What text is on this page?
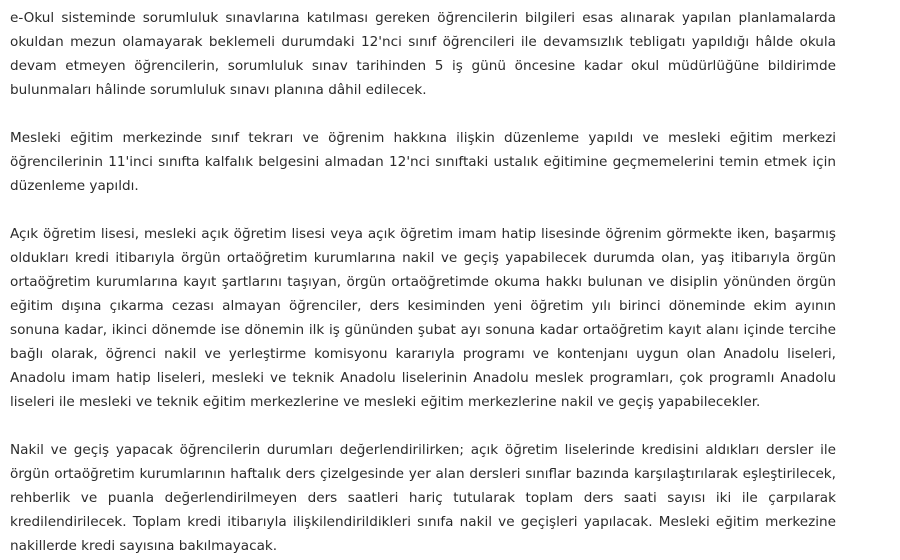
e-Okul sisteminde sorumluluk sınavlarına katılması gereken öğrencilerin bilgileri esas alınarak yapılan planlamalarda okuldan mezun olamayarak beklemeli durumdaki 12'nci sınıf öğrencileri ile devamsızlık tebligatı yapıldığı hâlde okula devam etmeyen öğrencilerin, sorumluluk sınav tarihinden 5 iş günü öncesine kadar okul müdürlüğüne bildirimde bulunmaları hâlinde sorumluluk sınavı planına dâhil edilecek.

Mesleki eğitim merkezinde sınıf tekrarı ve öğrenim hakkına ilişkin düzenleme yapıldı ve mesleki eğitim merkezi öğrencilerinin 11'inci sınıfta kalfalık belgesini almadan 12'nci sınıftaki ustalık eğitimine geçmemelerini temin etmek için düzenleme yapıldı.

Açık öğretim lisesi, mesleki açık öğretim lisesi veya açık öğretim imam hatip lisesinde öğrenim görmekte iken, başarmış oldukları kredi itibarıyla örgün ortaöğretim kurumlarına nakil ve geçiş yapabilecek durumda olan, yaş itibarıyla örgün ortaöğretim kurumlarına kayıt şartlarını taşıyan, örgün ortaöğretimde okuma hakkı bulunan ve disiplin yönünden örgün eğitim dışına çıkarma cezası almayan öğrenciler, ders kesiminden yeni öğretim yılı birinci döneminde ekim ayının sonuna kadar, ikinci dönemde ise dönemin ilk iş gününden şubat ayı sonuna kadar ortaöğretim kayıt alanı içinde tercihe bağlı olarak, öğrenci nakil ve yerleştirme komisyonu kararıyla programı ve kontenjanı uygun olan Anadolu liseleri, Anadolu imam hatip liseleri, mesleki ve teknik Anadolu liselerinin Anadolu meslek programları, çok programlı Anadolu liseleri ile mesleki ve teknik eğitim merkezlerine ve mesleki eğitim merkezlerine nakil ve geçiş yapabilecekler.

Nakil ve geçiş yapacak öğrencilerin durumları değerlendirilirken; açık öğretim liselerinde kredisini aldıkları dersler ile örgün ortaöğretim kurumlarının haftalık ders çizelgesinde yer alan dersleri sınıflar bazında karşılaştırılarak eşleştirilecek, rehberlik ve puanla değerlendirilmeyen ders saatleri hariç tutularak toplam ders saati sayısı iki ile çarpılarak kredilendirilecek. Toplam kredi itibarıyla ilişkilendirildikleri sınıfa nakil ve geçişleri yapılacak. Mesleki eğitim merkezine nakillerde kredi sayısına bakılmayacak.
